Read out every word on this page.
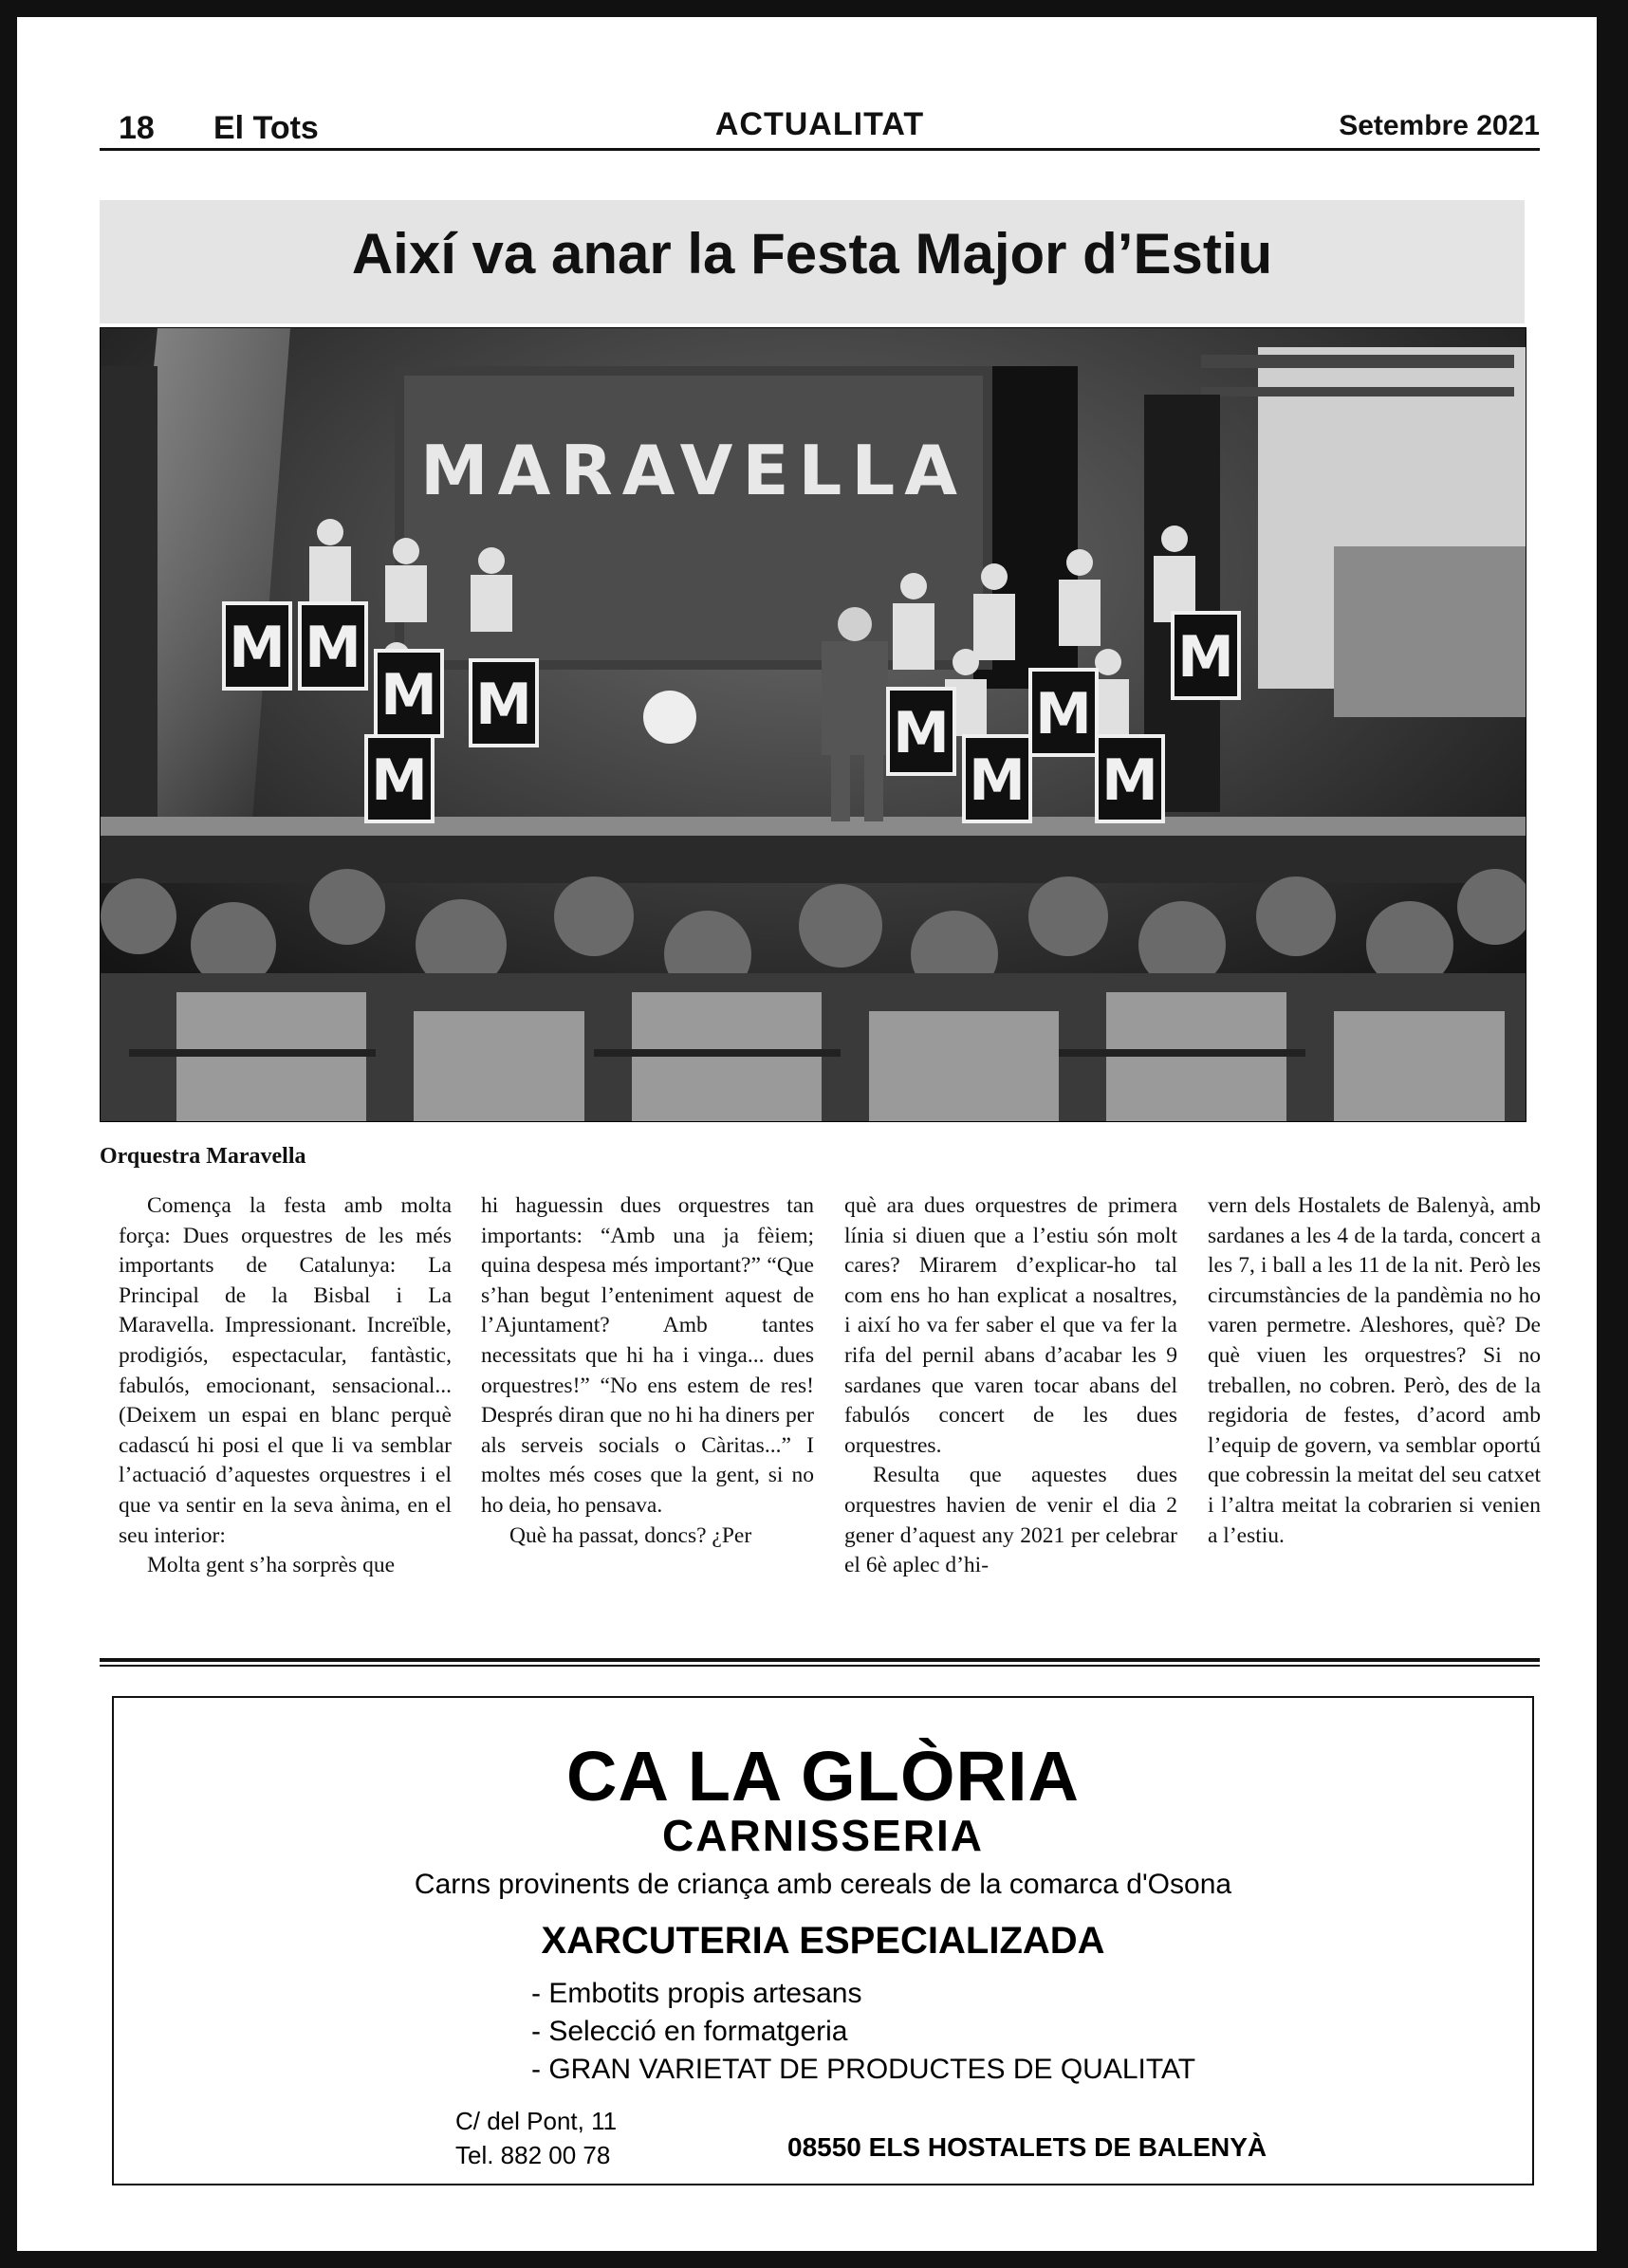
18 El Tots	ACTUALITAT	Setembre 2021
Així va anar la Festa Major d’Estiu
MARAVELLA
M M
M M
M
M M
M
M M
Orquestra Maravella

Comença la festa amb molta força: Dues orquestres de les més importants de Catalunya: La Principal de la Bisbal i La Maravella. Impressionant. Increïble, prodigiós, espectacular, fantàstic, fabulós, emocionant, sensacional... (Deixem un espai en blanc perquè cadascú hi posi el que li va semblar l’actuació d’aquestes orquestres i el que va sentir en la seva ànima, en el seu interior:

Molta gent s’ha sorprès que

hi haguessin dues orquestres tan importants: “Amb una ja fèiem; quina despesa més important?” “Que s’han begut l’enteniment aquest de l’Ajuntament? Amb tantes necessitats que hi ha i vinga... dues orquestres!” “No ens estem de res! Després diran que no hi ha diners per als serveis socials o Càritas...” I moltes més coses que la gent, si no ho deia, ho pensava.

Què ha passat, doncs? ¿Per

què ara dues orquestres de primera línia si diuen que a l’estiu són molt cares? Mirarem d’explicar-ho tal com ens ho han explicat a nosaltres, i així ho va fer saber el que va fer la rifa del pernil abans d’acabar les 9 sardanes que varen tocar abans del fabulós concert de les dues orquestres.

Resulta que aquestes dues orquestres havien de venir el dia 2 gener d’aquest any 2021 per celebrar el 6è aplec d’hi-

vern dels Hostalets de Balenyà, amb sardanes a les 4 de la tarda, concert a les 7, i ball a les 11 de la nit. Però les circumstàncies de la pandèmia no ho varen permetre. Aleshores, què? De què viuen les orquestres? Si no treballen, no cobren. Però, des de la regidoria de festes, d’acord amb l’equip de govern, va semblar oportú que cobressin la meitat del seu catxet i l’altra meitat la cobrarien si venien a l’estiu.

CA LA GLÒRIA
CARNISSERIA
Carns provinents de criança amb cereals de la comarca d'Osona
XARCUTERIA ESPECIALIZADA
- Embotits propis artesans
- Selecció en formatgeria
- GRAN VARIETAT DE PRODUCTES DE QUALITAT
C/ del Pont, 11
Tel. 882 00 78	08550 ELS HOSTALETS DE BALENYÀ
